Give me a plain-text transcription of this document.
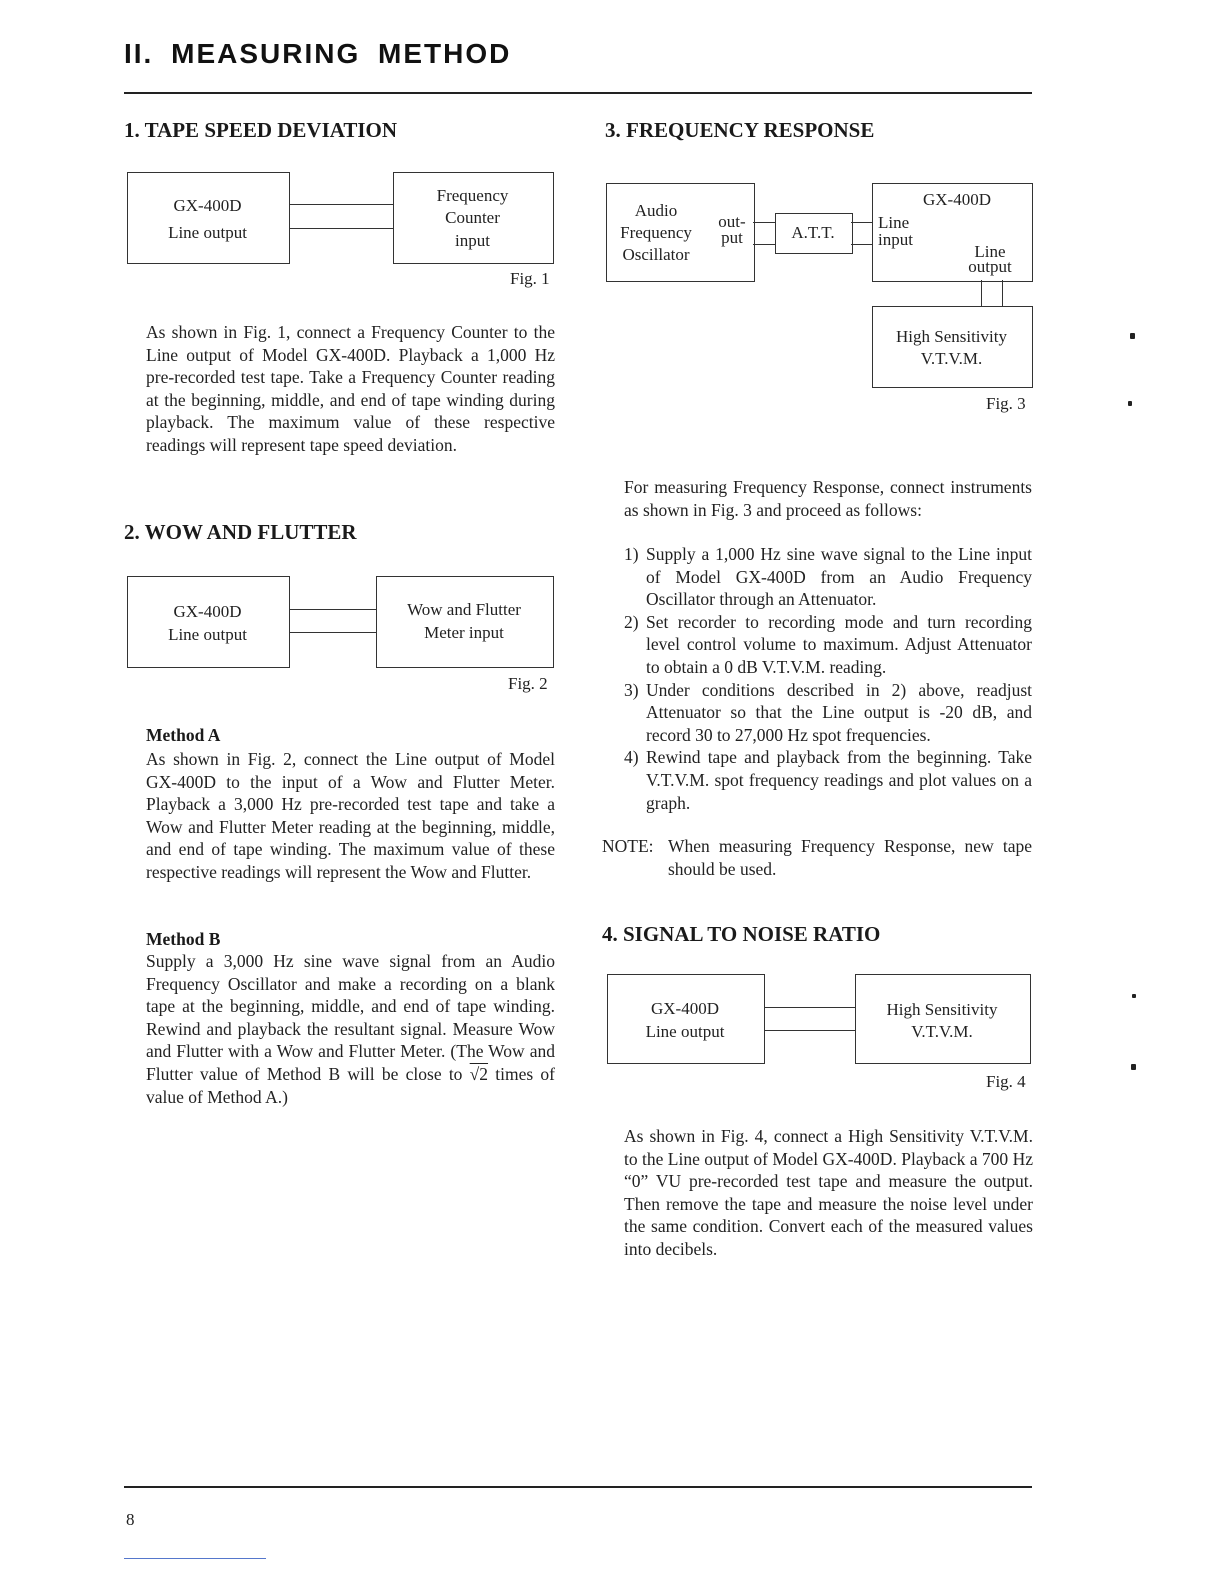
II. MEASURING METHOD
1. TAPE SPEED DEVIATION
GX-400D
Line output
Frequency
Counter
input
Fig. 1

As shown in Fig. 1, connect a Frequency Counter to the Line output of Model GX-400D. Playback a 1,000 Hz pre-recorded test tape. Take a Frequency Counter reading at the beginning, middle, and end of tape winding during playback. The maximum value of these respective readings will represent tape speed deviation.

2. WOW AND FLUTTER
GX-400D
Line output
Wow and Flutter
Meter input
Fig. 2
Method A

As shown in Fig. 2, connect the Line output of Model GX-400D to the input of a Wow and Flutter Meter. Playback a 3,000 Hz pre-recorded test tape and take a Wow and Flutter Meter reading at the beginning, middle, and end of tape winding. The maximum value of these respective readings will represent the Wow and Flutter.

Method B

Supply a 3,000 Hz sine wave signal from an Audio Frequency Oscillator and make a recording on a blank tape at the beginning, middle, and end of tape winding. Rewind and playback the resultant signal. Measure Wow and Flutter with a Wow and Flutter Meter. (The Wow and Flutter value of Method B will be close to √2 times of value of Method A.)

3. FREQUENCY RESPONSE
Audio
Frequency
Oscillator
out-
put	A.T.T.
GX-400D
Line
input
Line
output
High Sensitivity
V.T.V.M.
Fig. 3

For measuring Frequency Response, connect instruments as shown in Fig. 3 and proceed as follows:

1) Supply a 1,000 Hz sine wave signal to the Line input of Model GX-400D from an Audio Frequency Oscillator through an Attenuator.
2) Set recorder to recording mode and turn recording level control volume to maximum. Adjust Attenuator to obtain a 0 dB V.T.V.M. reading.
3) Under conditions described in 2) above, readjust Attenuator so that the Line output is -20 dB, and record 30 to 27,000 Hz spot frequencies.
4) Rewind tape and playback from the beginning. Take V.T.V.M. spot frequency readings and plot values on a graph.
NOTE: When measuring Frequency Response, new tape should be used.
4. SIGNAL TO NOISE RATIO
GX-400D
Line output
High Sensitivity
V.T.V.M.
Fig. 4

As shown in Fig. 4, connect a High Sensitivity V.T.V.M. to the Line output of Model GX-400D. Playback a 700 Hz “0” VU pre-recorded test tape and measure the output. Then remove the tape and measure the noise level under the same condition. Convert each of the measured values into decibels.

8
